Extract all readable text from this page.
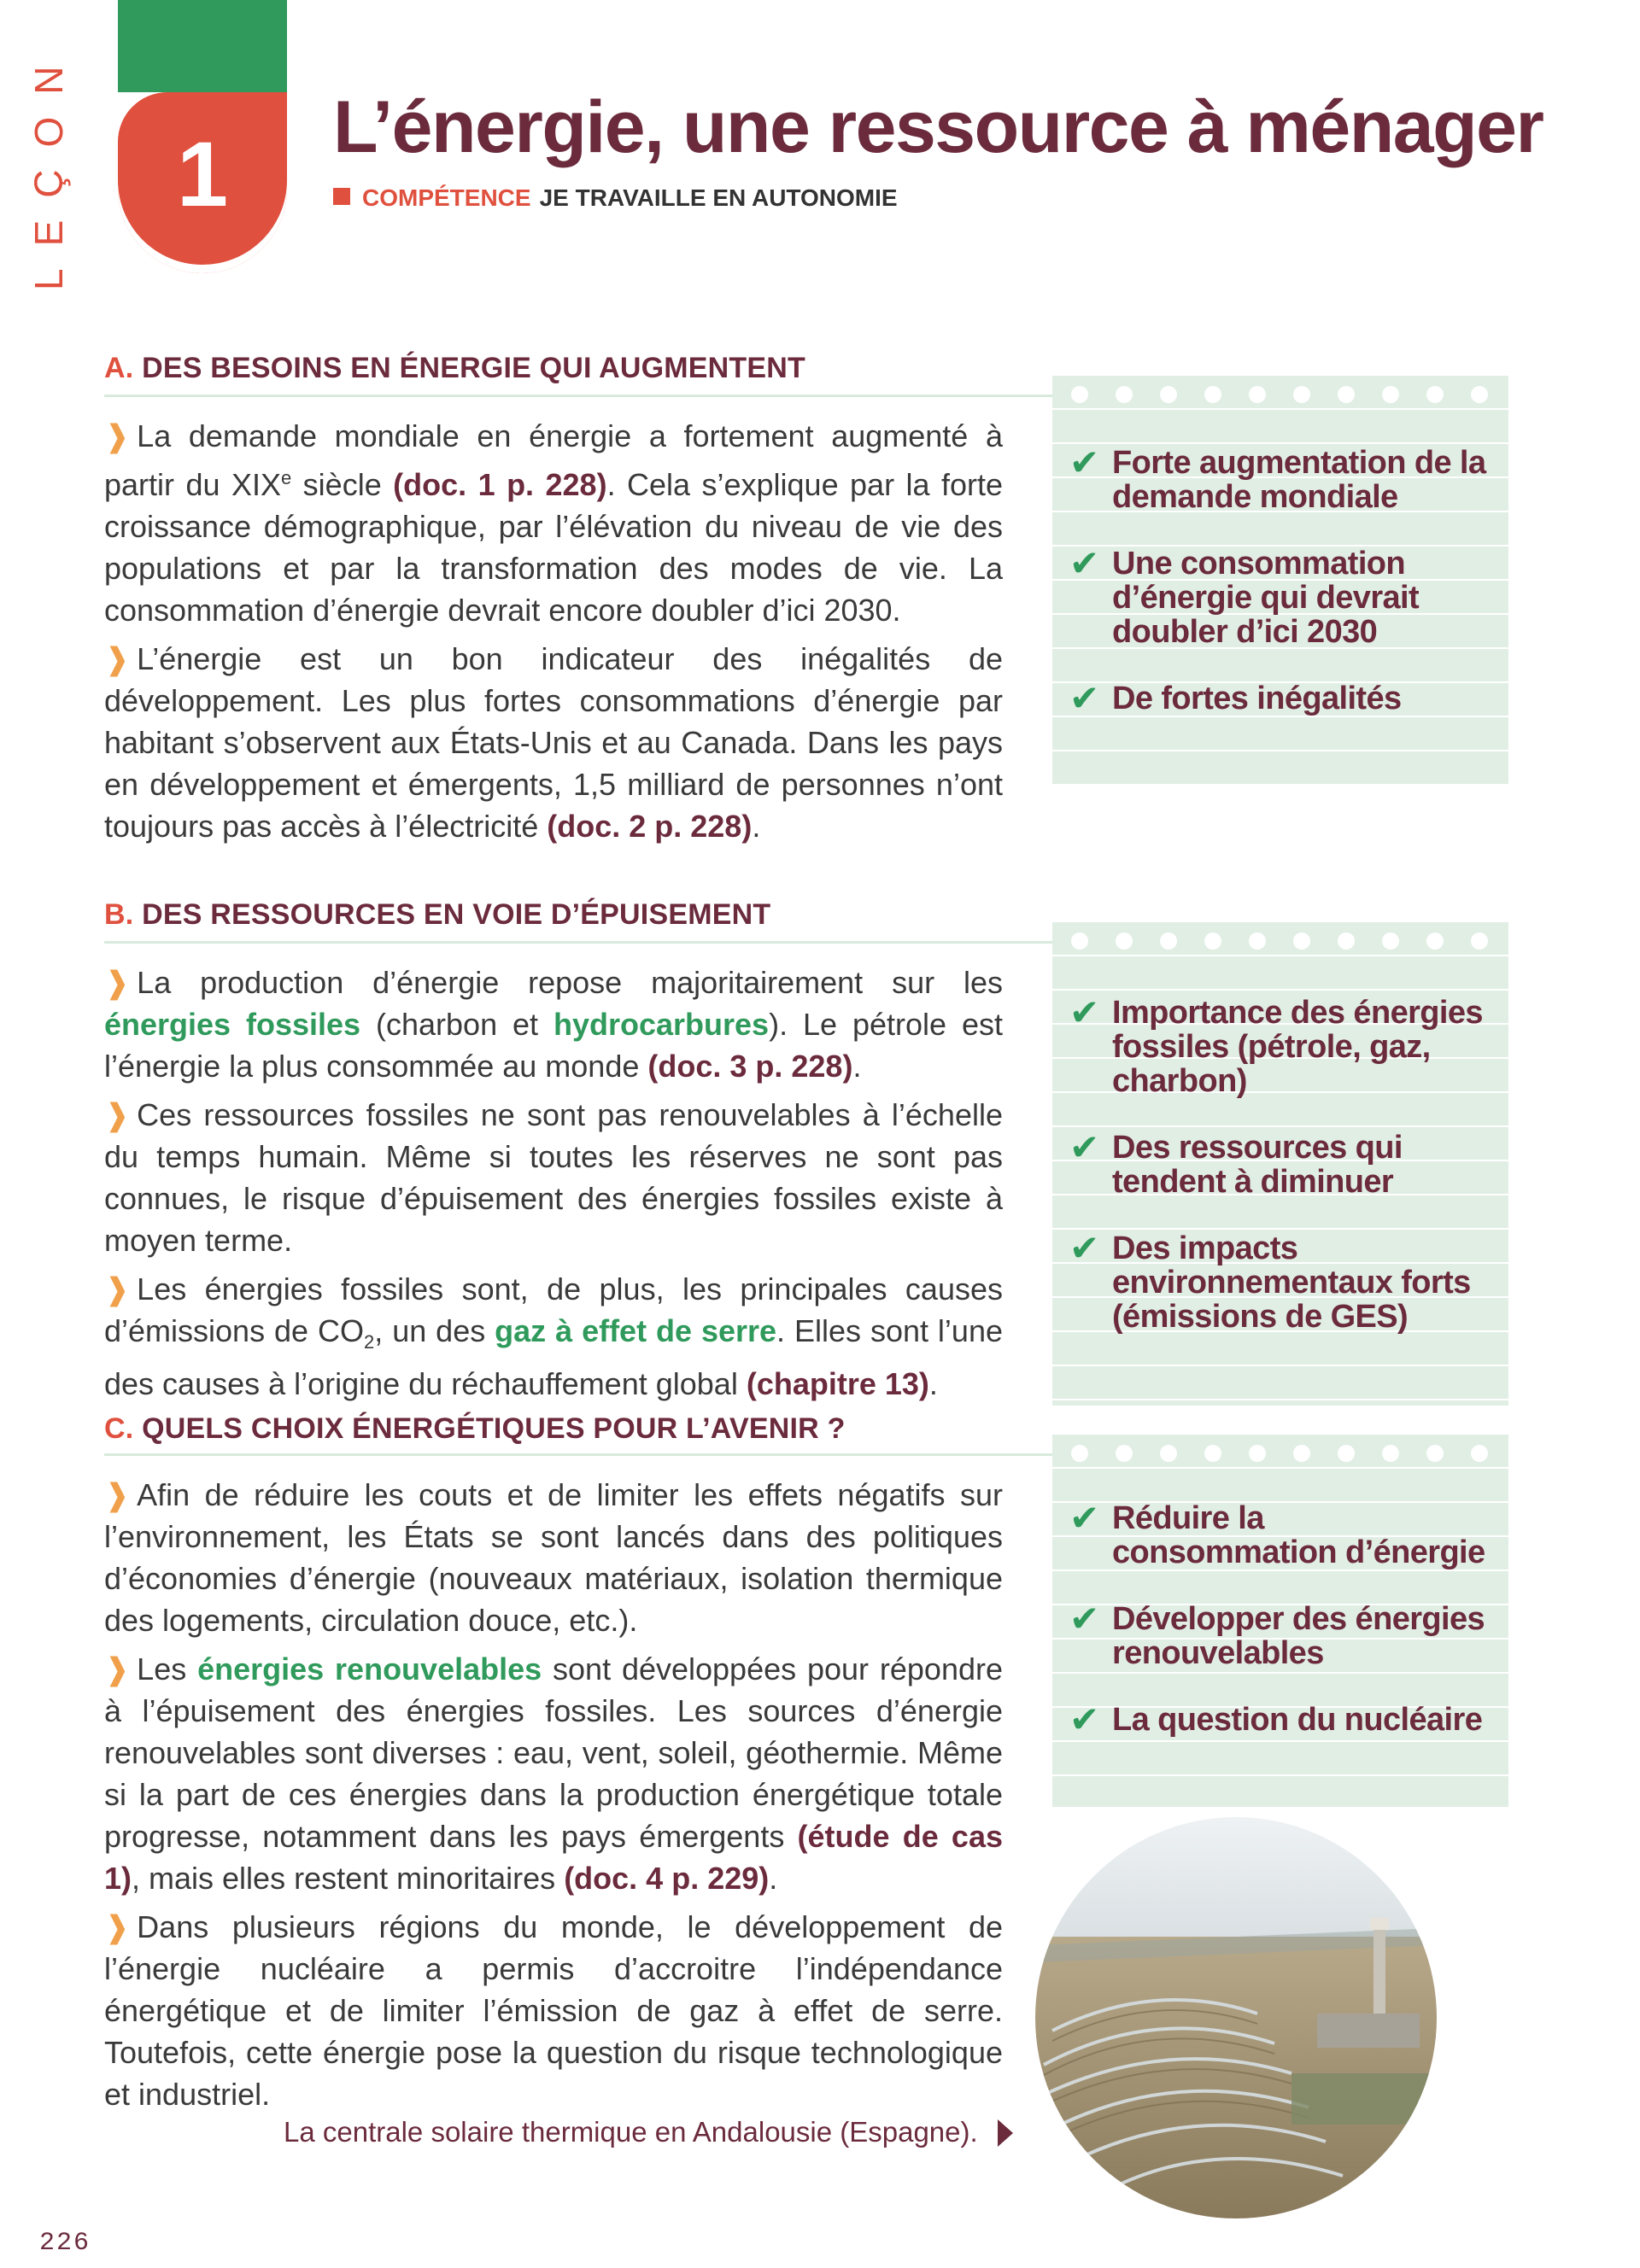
1
LEÇON	L’énergie, une ressource à ménager
COMPÉTENCE JE TRAVAILLE EN AUTONOMIE
A. DES BESOINS EN ÉNERGIE QUI AUGMENTENT

❱ La demande mondiale en énergie a fortement augmenté à partir du XIXe siècle (doc. 1 p. 228). Cela s’explique par la forte croissance démographique, par l’élévation du niveau de vie des populations et par la transformation des modes de vie. La consommation d’énergie devrait encore doubler d’ici 2030.

❱ L’énergie est un bon indicateur des inégalités de développement. Les plus fortes consommations d’énergie par habitant s’observent aux États-Unis et au Canada. Dans les pays en développement et émergents, 1,5 milliard de personnes n’ont toujours pas accès à l’électricité (doc. 2 p. 228).

✔ Forte augmentation de la demande mondiale
✔ Une consommation d’énergie qui devrait doubler d’ici 2030
✔ De fortes inégalités
B. DES RESSOURCES EN VOIE D’ÉPUISEMENT

❱ La production d’énergie repose majoritairement sur les énergies fossiles (charbon et hydrocarbures). Le pétrole est l’énergie la plus consommée au monde (doc. 3 p. 228).

❱ Ces ressources fossiles ne sont pas renouvelables à l’échelle du temps humain. Même si toutes les réserves ne sont pas connues, le risque d’épuisement des énergies fossiles existe à moyen terme.

❱ Les énergies fossiles sont, de plus, les principales causes d’émissions de $CO_2$, un des gaz à effet de serre. Elles sont l’une des causes à l’origine du réchauffement global (chapitre 13).

✔ Importance des énergies fossiles (pétrole, gaz, charbon)
✔ Des ressources qui tendent à diminuer
✔ Des impacts environnementaux forts (émissions de GES)
C. QUELS CHOIX ÉNERGÉTIQUES POUR L’AVENIR ?

❱ Afin de réduire les couts et de limiter les effets négatifs sur l’environnement, les États se sont lancés dans des politiques d’économies d’énergie (nouveaux matériaux, isolation thermique des logements, circulation douce, etc.).

❱ Les énergies renouvelables sont développées pour répondre à l’épuisement des énergies fossiles. Les sources d’énergie renouvelables sont diverses : eau, vent, soleil, géothermie. Même si la part de ces énergies dans la production énergétique totale progresse, notamment dans les pays émergents (étude de cas 1), mais elles restent minoritaires (doc. 4 p. 229).

❱ Dans plusieurs régions du monde, le développement de l’énergie nucléaire a permis d’accroitre l’indépendance énergétique et de limiter l’émission de gaz à effet de serre. Toutefois, cette énergie pose la question du risque technologique et industriel.

✔ Réduire la consommation d’énergie
✔ Développer des énergies renouvelables
✔ La question du nucléaire
La centrale solaire thermique en Andalousie (Espagne).
226
